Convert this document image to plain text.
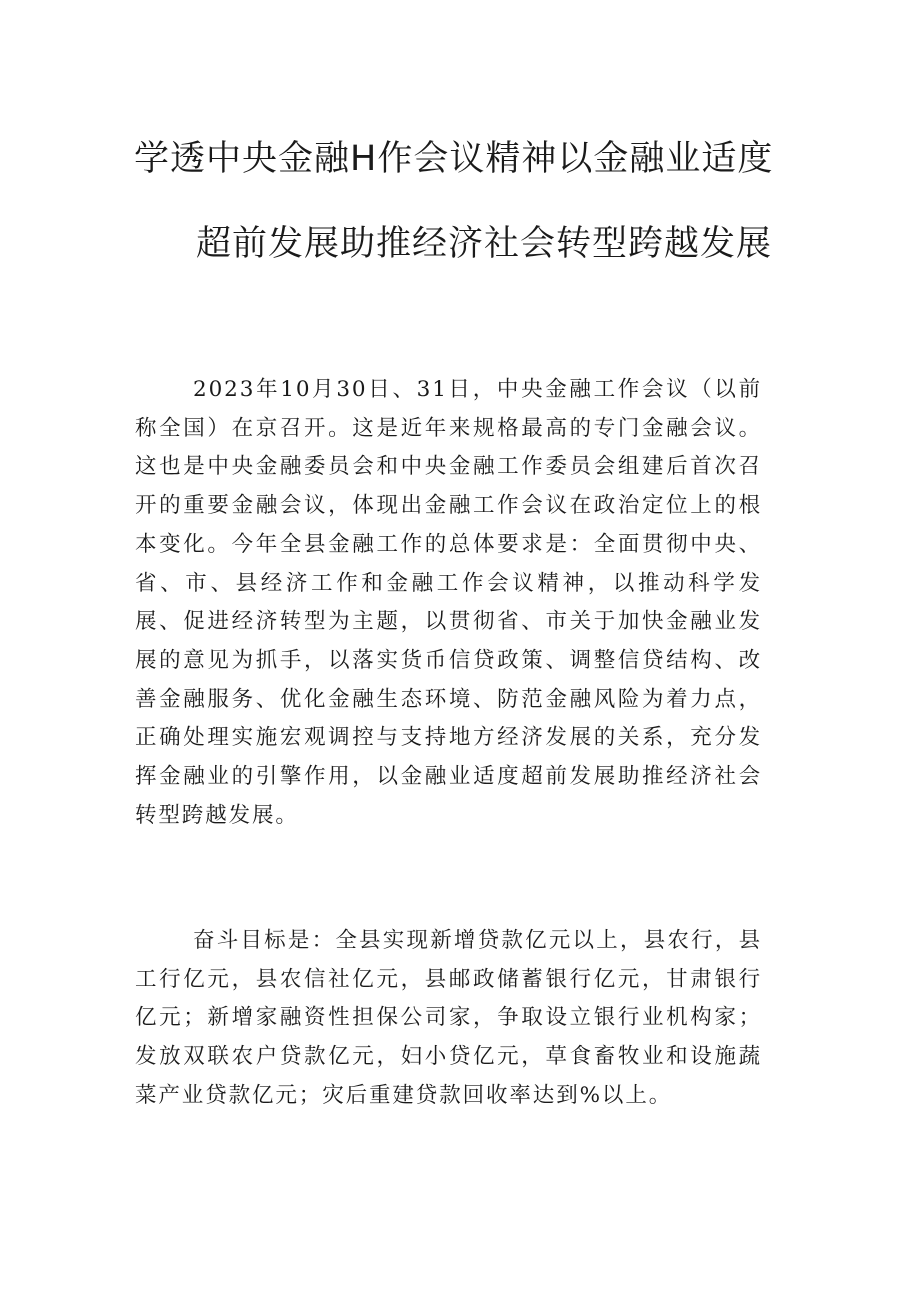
学透中央金融H作会议精神以金融业适度
超前发展助推经济社会转型跨越发展

2023年10月30日、31日，中央金融工作会议（以前称全国）在京召开。这是近年来规格最高的专门金融会议。这也是中央金融委员会和中央金融工作委员会组建后首次召开的重要金融会议，体现出金融工作会议在政治定位上的根本变化。今年全县金融工作的总体要求是：全面贯彻中央、省、市、县经济工作和金融工作会议精神，以推动科学发展、促进经济转型为主题，以贯彻省、市关于加快金融业发展的意见为抓手，以落实货币信贷政策、调整信贷结构、改善金融服务、优化金融生态环境、防范金融风险为着力点，正确处理实施宏观调控与支持地方经济发展的关系，充分发挥金融业的引擎作用，以金融业适度超前发展助推经济社会转型跨越发展。

奋斗目标是：全县实现新增贷款亿元以上，县农行，县工行亿元，县农信社亿元，县邮政储蓄银行亿元，甘肃银行亿元；新增家融资性担保公司家，争取设立银行业机构家；发放双联农户贷款亿元，妇小贷亿元，草食畜牧业和设施蔬菜产业贷款亿元；灾后重建贷款回收率达到%以上。
